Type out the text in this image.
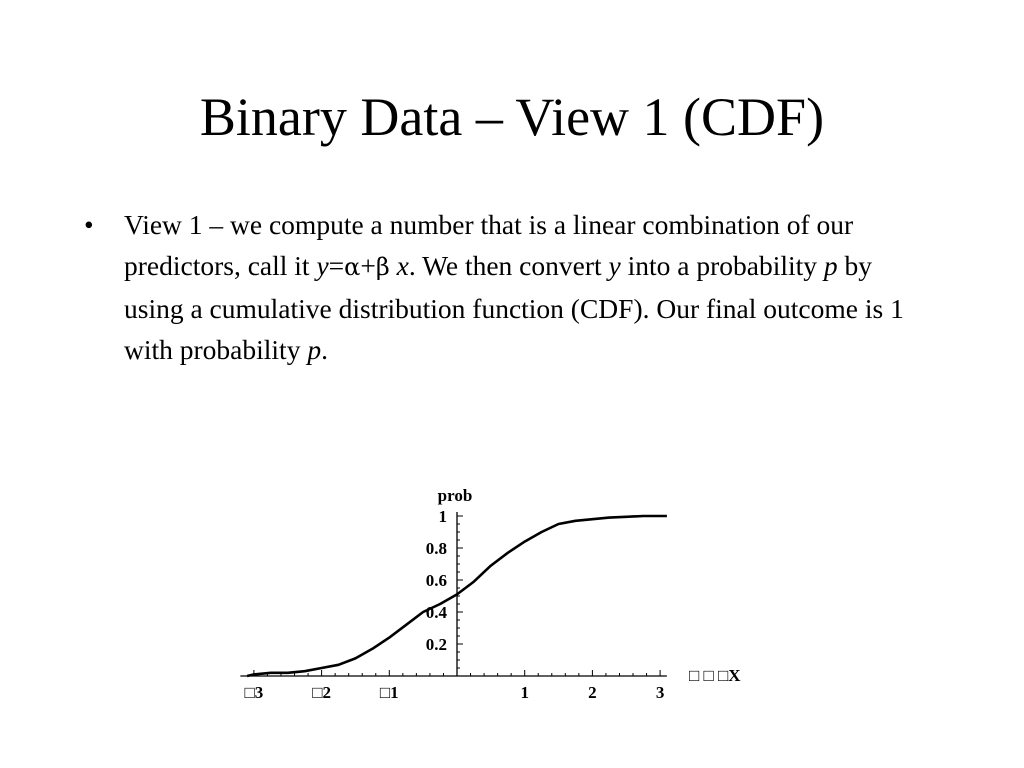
Binary Data – View 1 (CDF)
•	View 1 – we compute a number that is a linear combination of our predictors, call it y=α+β x. We then convert y into a probability p by using a cumulative distribution function (CDF). Our final outcome is 1 with probability p.
□3	□2	□1	1	2	3
0.2
0.4
0.6
0.8
1
prob
□ □ □X
